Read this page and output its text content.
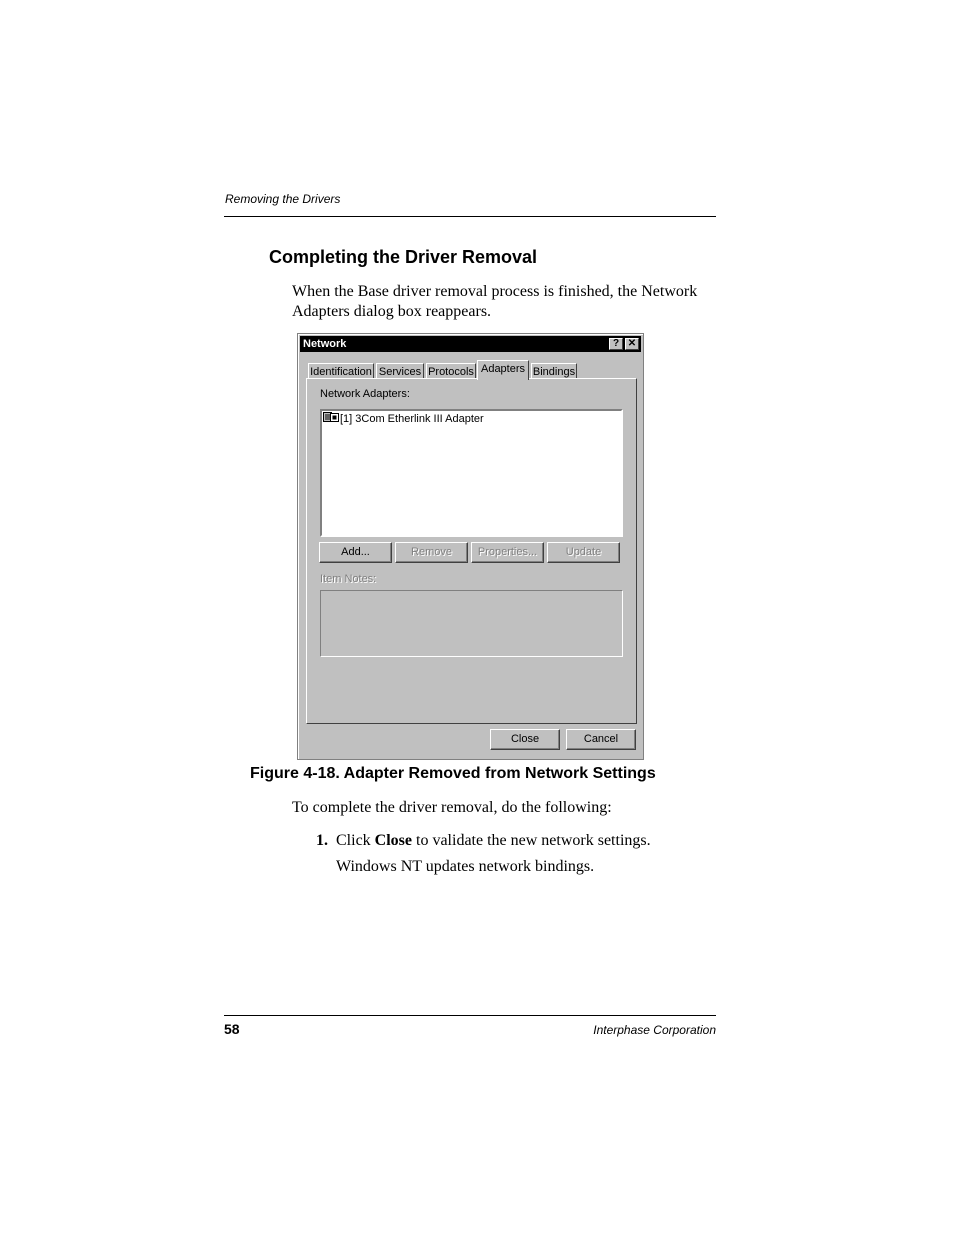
Removing the Drivers
Completing the Driver Removal
When the Base driver removal process is finished, the Network Adapters dialog box reappears.
Network	? ✕
Identification Services Protocols Adapters Bindings
Network Adapters:
[1] 3Com Etherlink III Adapter
Add...	Remove	Properties...	Update
Item Notes:
Close	Cancel
Figure 4-18. Adapter Removed from Network Settings
To complete the driver removal, do the following:
1. Click Close to validate the new network settings.
Windows NT updates network bindings.
58	Interphase Corporation
